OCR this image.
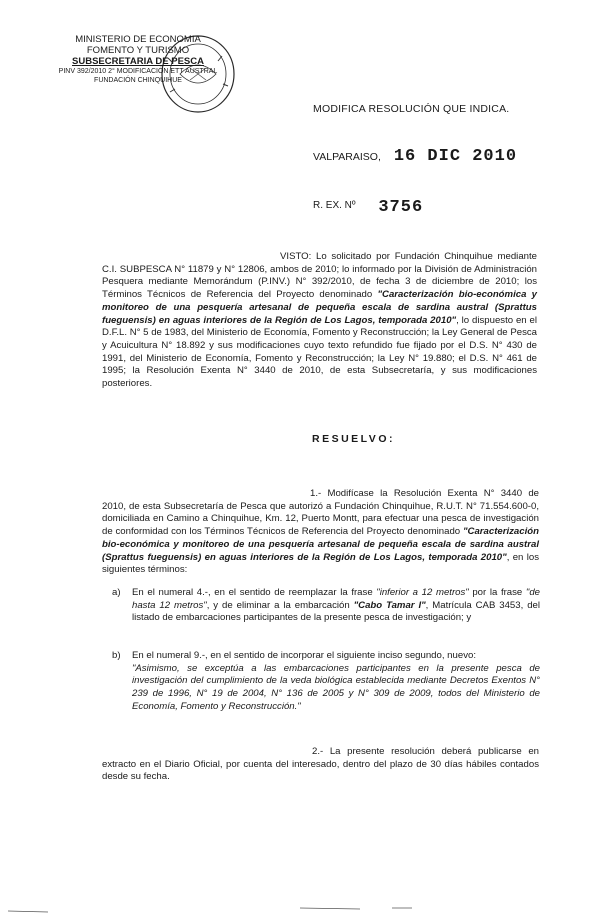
MINISTERIO DE ECONOMIA
FOMENTO Y TURISMO
SUBSECRETARIA DE PESCA
PINV 392/2010 2° MODIFICACIÓN ETT AUSTRAL
FUNDACIÓN CHINQUIHUE
MODIFICA RESOLUCIÓN QUE INDICA.
VALPARAISO, 16 DIC 2010
R. EX. Nº 3756
VISTO: Lo solicitado por Fundación Chinquihue mediante C.I. SUBPESCA N° 11879 y N° 12806, ambos de 2010; lo informado por la División de Administración Pesquera mediante Memorándum (P.INV.) N° 392/2010, de fecha 3 de diciembre de 2010; los Términos Técnicos de Referencia del Proyecto denominado "Caracterización bio-económica y monitoreo de una pesquería artesanal de pequeña escala de sardina austral (Sprattus fueguensis) en aguas interiores de la Región de Los Lagos, temporada 2010", lo dispuesto en el D.F.L. N° 5 de 1983, del Ministerio de Economía, Fomento y Reconstrucción; la Ley General de Pesca y Acuicultura N° 18.892 y sus modificaciones cuyo texto refundido fue fijado por el D.S. N° 430 de 1991, del Ministerio de Economía, Fomento y Reconstrucción; la Ley N° 19.880; el D.S. N° 461 de 1995; la Resolución Exenta N° 3440 de 2010, de esta Subsecretaría, y sus modificaciones posteriores.
RESUELVO:
1.- Modifícase la Resolución Exenta N° 3440 de 2010, de esta Subsecretaría de Pesca que autorizó a Fundación Chinquihue, R.U.T. N° 71.554.600-0, domiciliada en Camino a Chinquihue, Km. 12, Puerto Montt, para efectuar una pesca de investigación de conformidad con los Términos Técnicos de Referencia del Proyecto denominado "Caracterización bio-económica y monitoreo de una pesquería artesanal de pequeña escala de sardina austral (Sprattus fueguensis) en aguas interiores de la Región de Los Lagos, temporada 2010", en los siguientes términos:
a) En el numeral 4.-, en el sentido de reemplazar la frase "inferior a 12 metros" por la frase "de hasta 12 metros", y de eliminar a la embarcación "Cabo Tamar I", Matrícula CAB 3453, del listado de embarcaciones participantes de la presente pesca de investigación; y
b) En el numeral 9.-, en el sentido de incorporar el siguiente inciso segundo, nuevo:

"Asimismo, se exceptúa a las embarcaciones participantes en la presente pesca de investigación del cumplimiento de la veda biológica establecida mediante Decretos Exentos N° 239 de 1996, N° 19 de 2004, N° 136 de 2005 y N° 309 de 2009, todos del Ministerio de Economía, Fomento y Reconstrucción."

2.- La presente resolución deberá publicarse en extracto en el Diario Oficial, por cuenta del interesado, dentro del plazo de 30 días hábiles contados desde su fecha.
